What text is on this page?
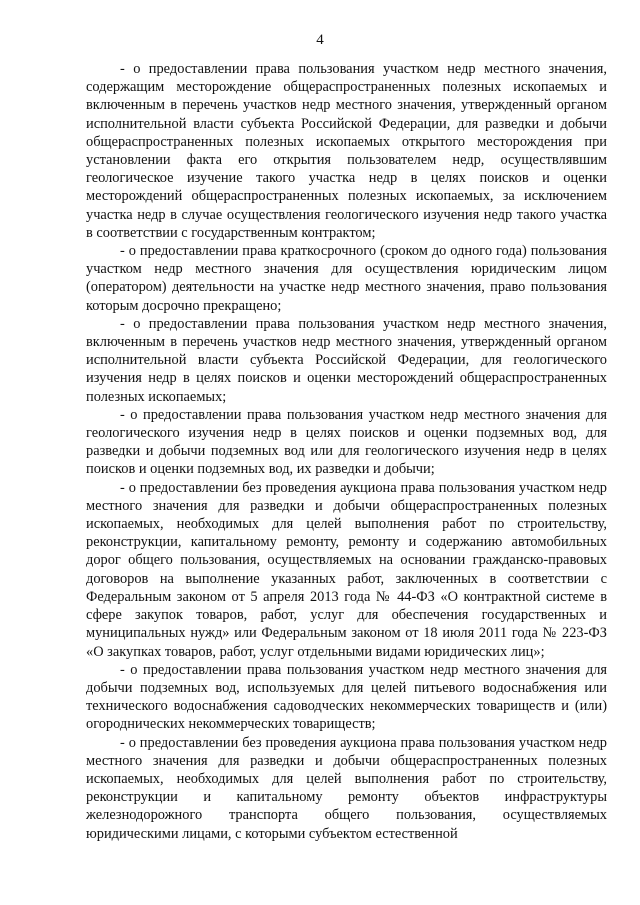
4

- о предоставлении права пользования участком недр местного значения, содержащим месторождение общераспространенных полезных ископаемых и включенным в перечень участков недр местного значения, утвержденный органом исполнительной власти субъекта Российской Федерации, для разведки и добычи общераспространенных полезных ископаемых открытого месторождения при установлении факта его открытия пользователем недр, осуществлявшим геологическое изучение такого участка недр в целях поисков и оценки месторождений общераспространенных полезных ископаемых, за исключением участка недр в случае осуществления геологического изучения недр такого участка в соответствии с государственным контрактом;

- о предоставлении права краткосрочного (сроком до одного года) пользования участком недр местного значения для осуществления юридическим лицом (оператором) деятельности на участке недр местного значения, право пользования которым досрочно прекращено;

- о предоставлении права пользования участком недр местного значения, включенным в перечень участков недр местного значения, утвержденный органом исполнительной власти субъекта Российской Федерации, для геологического изучения недр в целях поисков и оценки месторождений общераспространенных полезных ископаемых;

- о предоставлении права пользования участком недр местного значения для геологического изучения недр в целях поисков и оценки подземных вод, для разведки и добычи подземных вод или для геологического изучения недр в целях поисков и оценки подземных вод, их разведки и добычи;

- о предоставлении без проведения аукциона права пользования участком недр местного значения для разведки и добычи общераспространенных полезных ископаемых, необходимых для целей выполнения работ по строительству, реконструкции, капитальному ремонту, ремонту и содержанию автомобильных дорог общего пользования, осуществляемых на основании гражданско-правовых договоров на выполнение указанных работ, заключенных в соответствии с Федеральным законом от 5 апреля 2013 года № 44-ФЗ «О контрактной системе в сфере закупок товаров, работ, услуг для обеспечения государственных и муниципальных нужд» или Федеральным законом от 18 июля 2011 года № 223-ФЗ «О закупках товаров, работ, услуг отдельными видами юридических лиц»;

- о предоставлении права пользования участком недр местного значения для добычи подземных вод, используемых для целей питьевого водоснабжения или технического водоснабжения садоводческих некоммерческих товариществ и (или) огороднических некоммерческих товариществ;

- о предоставлении без проведения аукциона права пользования участком недр местного значения для разведки и добычи общераспространенных полезных ископаемых, необходимых для целей выполнения работ по строительству, реконструкции и капитальному ремонту объектов инфраструктуры железнодорожного транспорта общего пользования, осуществляемых юридическими лицами, с которыми субъектом естественной
